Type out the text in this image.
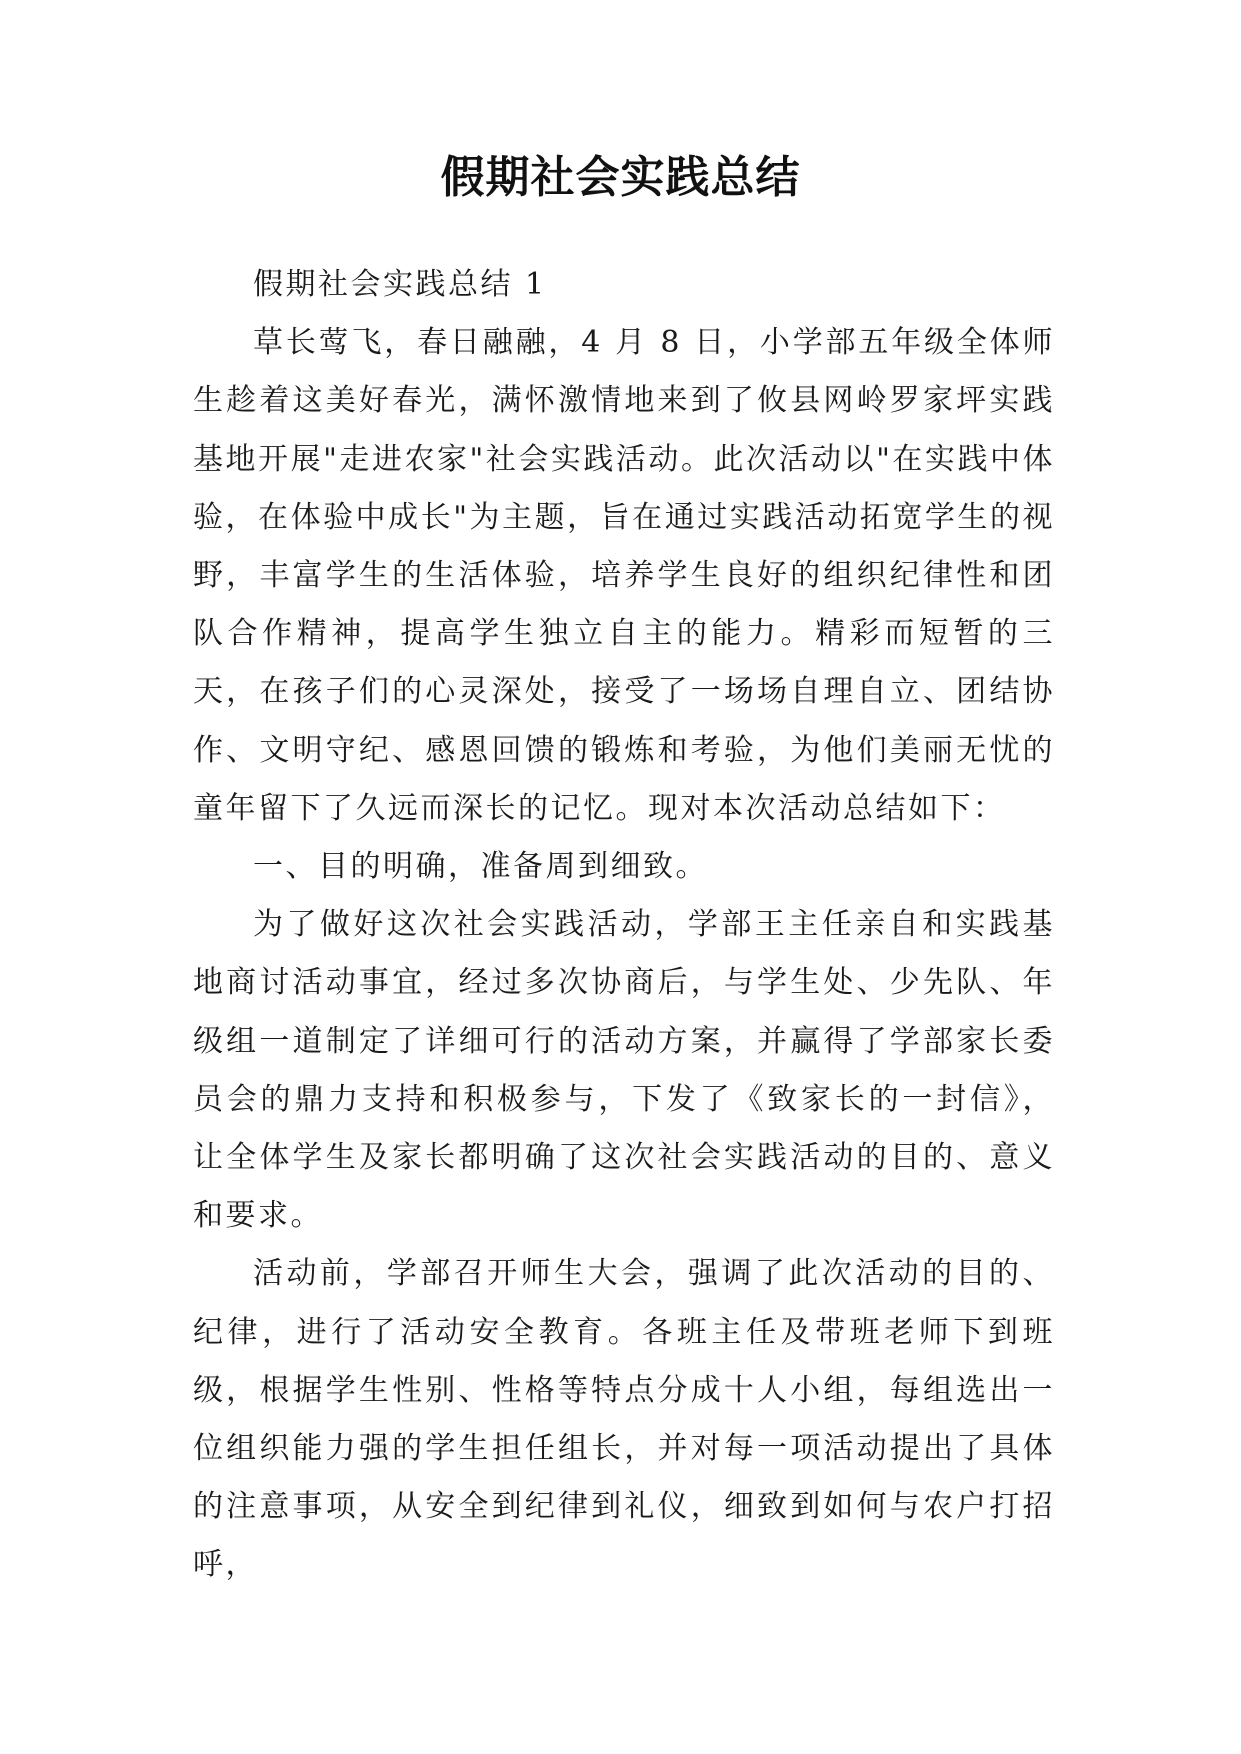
假期社会实践总结

假期社会实践总结 1

草长莺飞，春日融融，4 月 8 日，小学部五年级全体师生趁着这美好春光，满怀激情地来到了攸县网岭罗家坪实践基地开展"走进农家"社会实践活动。此次活动以"在实践中体验，在体验中成长"为主题，旨在通过实践活动拓宽学生的视野，丰富学生的生活体验，培养学生良好的组织纪律性和团队合作精神，提高学生独立自主的能力。精彩而短暂的三天，在孩子们的心灵深处，接受了一场场自理自立、团结协作、文明守纪、感恩回馈的锻炼和考验，为他们美丽无忧的童年留下了久远而深长的记忆。现对本次活动总结如下：

一、目的明确，准备周到细致。

为了做好这次社会实践活动，学部王主任亲自和实践基地商讨活动事宜，经过多次协商后，与学生处、少先队、年级组一道制定了详细可行的活动方案，并赢得了学部家长委员会的鼎力支持和积极参与，下发了《致家长的一封信》，让全体学生及家长都明确了这次社会实践活动的目的、意义和要求。

活动前，学部召开师生大会，强调了此次活动的目的、纪律，进行了活动安全教育。各班主任及带班老师下到班级，根据学生性别、性格等特点分成十人小组，每组选出一位组织能力强的学生担任组长，并对每一项活动提出了具体的注意事项，从安全到纪律到礼仪，细致到如何与农户打招呼，
